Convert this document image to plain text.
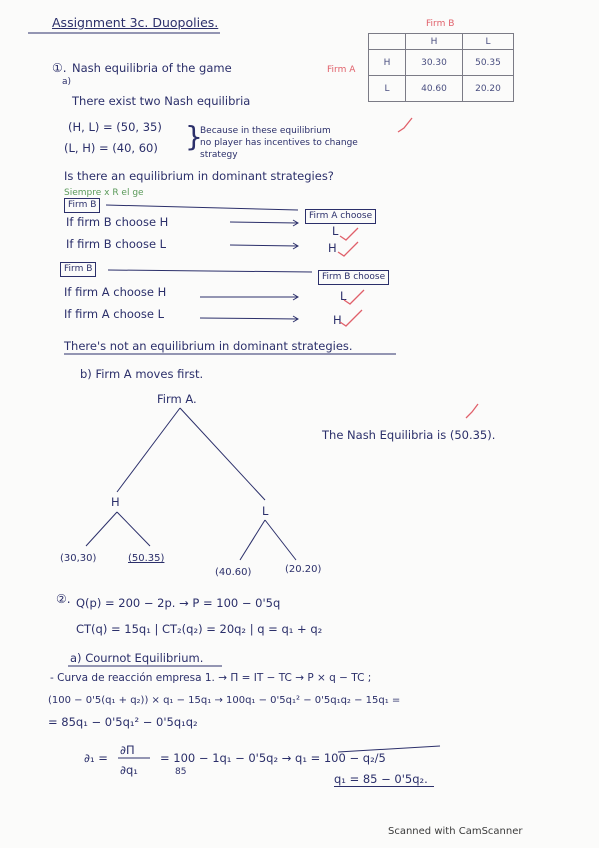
Assignment 3c. Duopolies.	Firm B
Firm A
	H	L
H	30.30	50.35
L	40.60	20.20
①. Nash equilibria of the game
a)
There exist two Nash equilibria
(H, L) = (50, 35)
(L, H) = (40, 60) }
Because in these equilibrium
no player has incentives to change
strategy
Is there an equilibrium in dominant strategies?
Siempre x R el ge
Firm B
If firm B choose H
If firm B choose L
Firm A choose
L
H
Firm B
If firm A choose H
If firm A choose L
Firm B choose
L
H
There's not an equilibrium in dominant strategies.
b) Firm A moves first.
Firm A.
H
L
(30,30)	(50.35)
(40.60)	(20.20)
The Nash Equilibria is (50.35).
②. Q(p) = 200 − 2p. → P = 100 − 0'5q
CT(q) = 15q₁ | CT₂(q₂) = 20q₂ | q = q₁ + q₂
a) Cournot Equilibrium.
- Curva de reacción empresa 1. → Π = IT − TC → P × q − TC ;
(100 − 0'5(q₁ + q₂)) × q₁ − 15q₁ → 100q₁ − 0'5q₁² − 0'5q₁q₂ − 15q₁ =
= 85q₁ − 0'5q₁² − 0'5q₁q₂
∂₁ =
∂Π
∂q₁
= 100 − 1q₁ − 0'5q₂ → q₁ = 100 − q₂/5
85	q₁ = 85 − 0'5q₂.
Scanned with CamScanner
